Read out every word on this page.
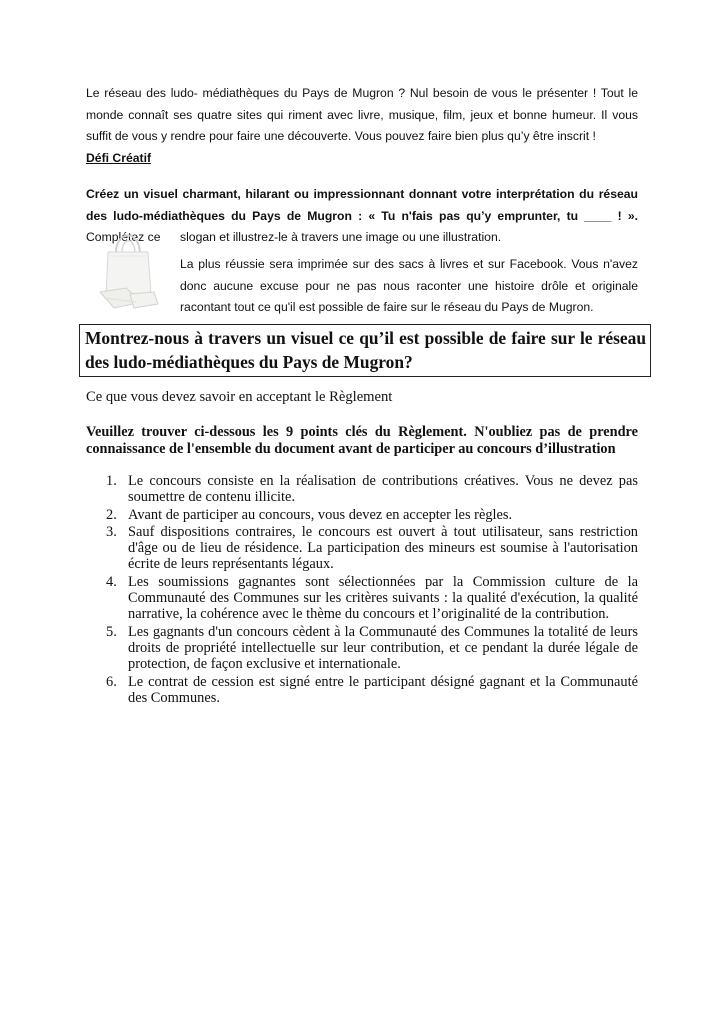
Le réseau des ludo- médiathèques du Pays de Mugron ? Nul besoin de vous le présenter ! Tout le monde connaît ses quatre sites qui riment avec livre, musique, film, jeux et bonne humeur. Il vous suffit de vous y rendre pour faire une découverte. Vous pouvez faire bien plus qu’y être inscrit !

Défi Créatif

Créez un visuel charmant, hilarant ou impressionnant donnant votre interprétation du réseau des ludo-médiathèques du Pays de Mugron : « Tu n'fais pas qu’y emprunter, tu ____ ! ». Complétez ce	slogan et illustrez-le à travers une image ou une illustration.

La plus réussie sera imprimée sur des sacs à livres et sur Facebook. Vous n'avez donc aucune excuse pour ne pas nous raconter une histoire drôle et originale racontant tout ce qu'il est possible de faire sur le réseau du Pays de Mugron.

Montrez-nous à travers un visuel ce qu’il est possible de faire sur le réseau des ludo-médiathèques du Pays de Mugron?
Ce que vous devez savoir en acceptant le Règlement
Veuillez trouver ci-dessous les 9 points clés du Règlement. N'oubliez pas de prendre connaissance de l'ensemble du document avant de participer au concours d’illustration
1. Le concours consiste en la réalisation de contributions créatives. Vous ne devez pas soumettre de contenu illicite.
2. Avant de participer au concours, vous devez en accepter les règles.
3. Sauf dispositions contraires, le concours est ouvert à tout utilisateur, sans restriction d'âge ou de lieu de résidence. La participation des mineurs est soumise à l'autorisation écrite de leurs représentants légaux.
4. Les soumissions gagnantes sont sélectionnées par la Commission culture de la Communauté des Communes sur les critères suivants : la qualité d'exécution, la qualité narrative, la cohérence avec le thème du concours et l’originalité de la contribution.
5. Les gagnants d'un concours cèdent à la Communauté des Communes la totalité de leurs droits de propriété intellectuelle sur leur contribution, et ce pendant la durée légale de protection, de façon exclusive et internationale.
6. Le contrat de cession est signé entre le participant désigné gagnant et la Communauté des Communes.
